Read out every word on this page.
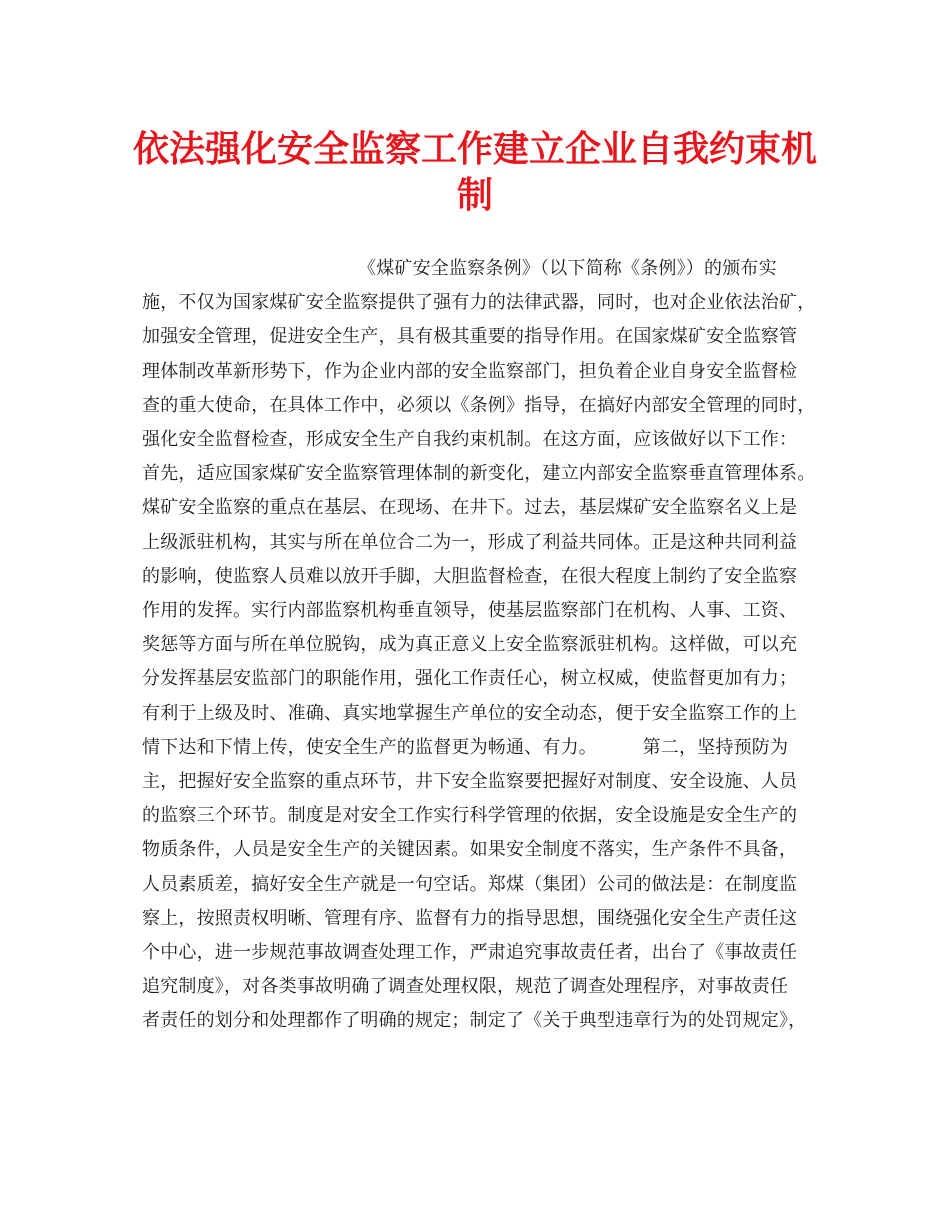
依法强化安全监察工作建立企业自我约束机
制
《煤矿安全监察条例》（以下简称《条例》）的颁布实
施，不仅为国家煤矿安全监察提供了强有力的法律武器，同时，也对企业依法治矿，
加强安全管理，促进安全生产，具有极其重要的指导作用。在国家煤矿安全监察管
理体制改革新形势下，作为企业内部的安全监察部门，担负着企业自身安全监督检
查的重大使命，在具体工作中，必须以《条例》指导，在搞好内部安全管理的同时，
强化安全监督检查，形成安全生产自我约束机制。在这方面，应该做好以下工作：
首先，适应国家煤矿安全监察管理体制的新变化，建立内部安全监察垂直管理体系。
煤矿安全监察的重点在基层、在现场、在井下。过去，基层煤矿安全监察名义上是
上级派驻机构，其实与所在单位合二为一，形成了利益共同体。正是这种共同利益
的影响，使监察人员难以放开手脚，大胆监督检查，在很大程度上制约了安全监察
作用的发挥。实行内部监察机构垂直领导，使基层监察部门在机构、人事、工资、
奖惩等方面与所在单位脱钩，成为真正意义上安全监察派驻机构。这样做，可以充
分发挥基层安监部门的职能作用，强化工作责任心，树立权威，使监督更加有力；
有利于上级及时、准确、真实地掌握生产单位的安全动态，便于安全监察工作的上
情下达和下情上传，使安全生产的监督更为畅通、有力。　　　第二，坚持预防为
主，把握好安全监察的重点环节，井下安全监察要把握好对制度、安全设施、人员
的监察三个环节。制度是对安全工作实行科学管理的依据，安全设施是安全生产的
物质条件，人员是安全生产的关键因素。如果安全制度不落实，生产条件不具备，
人员素质差，搞好安全生产就是一句空话。郑煤（集团）公司的做法是：在制度监
察上，按照责权明晰、管理有序、监督有力的指导思想，围绕强化安全生产责任这
个中心，进一步规范事故调查处理工作，严肃追究事故责任者，出台了《事故责任
追究制度》，对各类事故明确了调查处理权限，规范了调查处理程序，对事故责任
者责任的划分和处理都作了明确的规定；制定了《关于典型违章行为的处罚规定》，
